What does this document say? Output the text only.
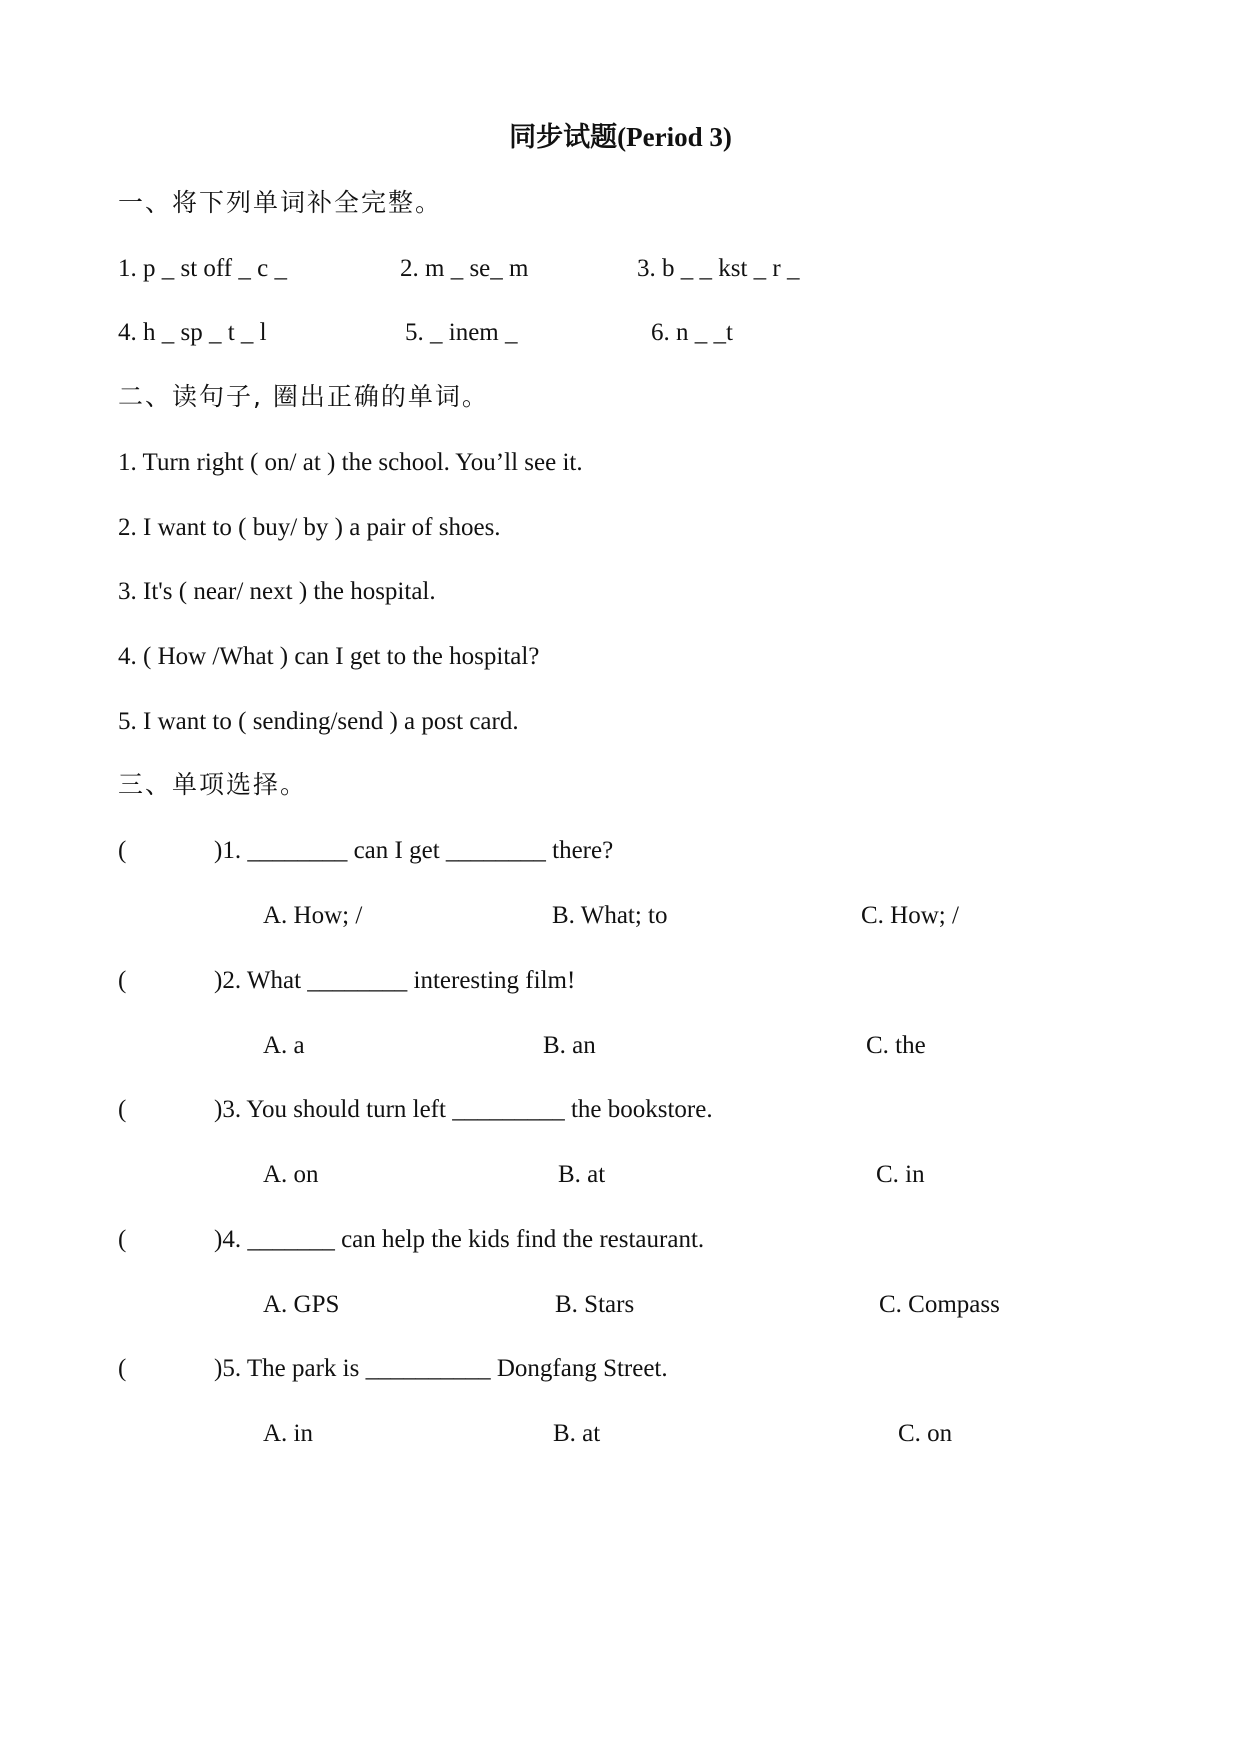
同步试题(Period 3)
一、将下列单词补全完整。
1. p _ st off _ c _	2. m _ se_ m	3. b _ _ kst _ r _
4. h _ sp _ t _ l	5. _ inem _	6. n _ _t
二、读句子, 圈出正确的单词。
1. Turn right ( on/ at ) the school. You’ll see it.
2. I want to ( buy/ by ) a pair of shoes.
3. It's ( near/ next ) the hospital.
4. ( How /What ) can I get to the hospital?
5. I want to ( sending/send ) a post card.
三、单项选择。
(	)1. ________ can I get ________ there?
A. How; /	B. What; to	C. How; /
(	)2. What ________ interesting film!
A. a	B. an	C. the
(	)3. You should turn left _________ the bookstore.
A. on	B. at	C. in
(	)4. _______ can help the kids find the restaurant.
A. GPS	B. Stars	C. Compass
(	)5. The park is __________ Dongfang Street.
A. in	B. at	C. on
